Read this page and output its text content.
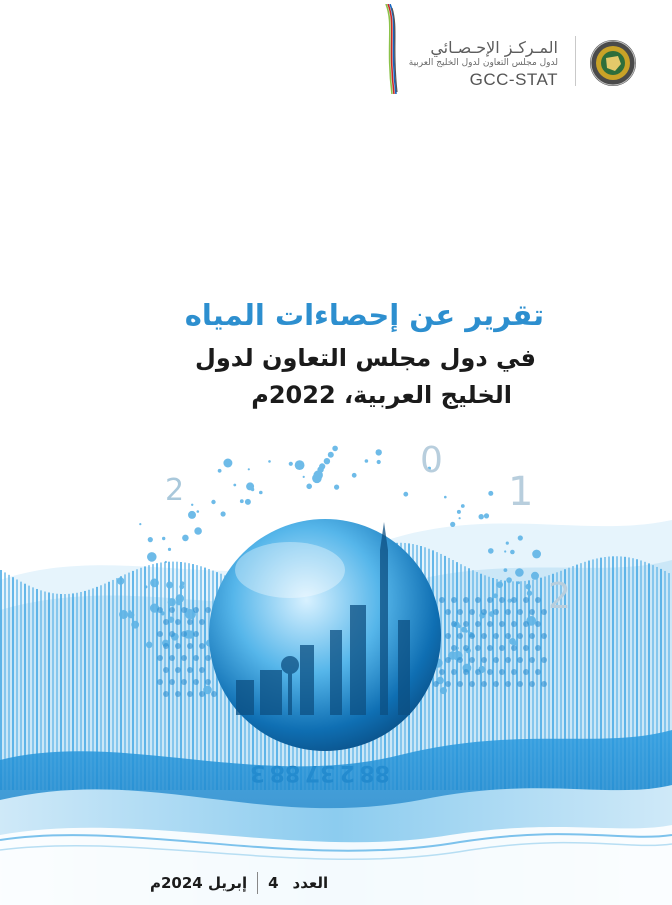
المـركـز الإحـصـائي
لدول مجلس التعاون لدول الخليج العربية
GCC-STAT
تقرير عن إحصاءات المياه
في دول مجلس التعاون لدول
الخليج العربية، 2022م
2
0
1
2
العدد
4
إبريل 2024م
